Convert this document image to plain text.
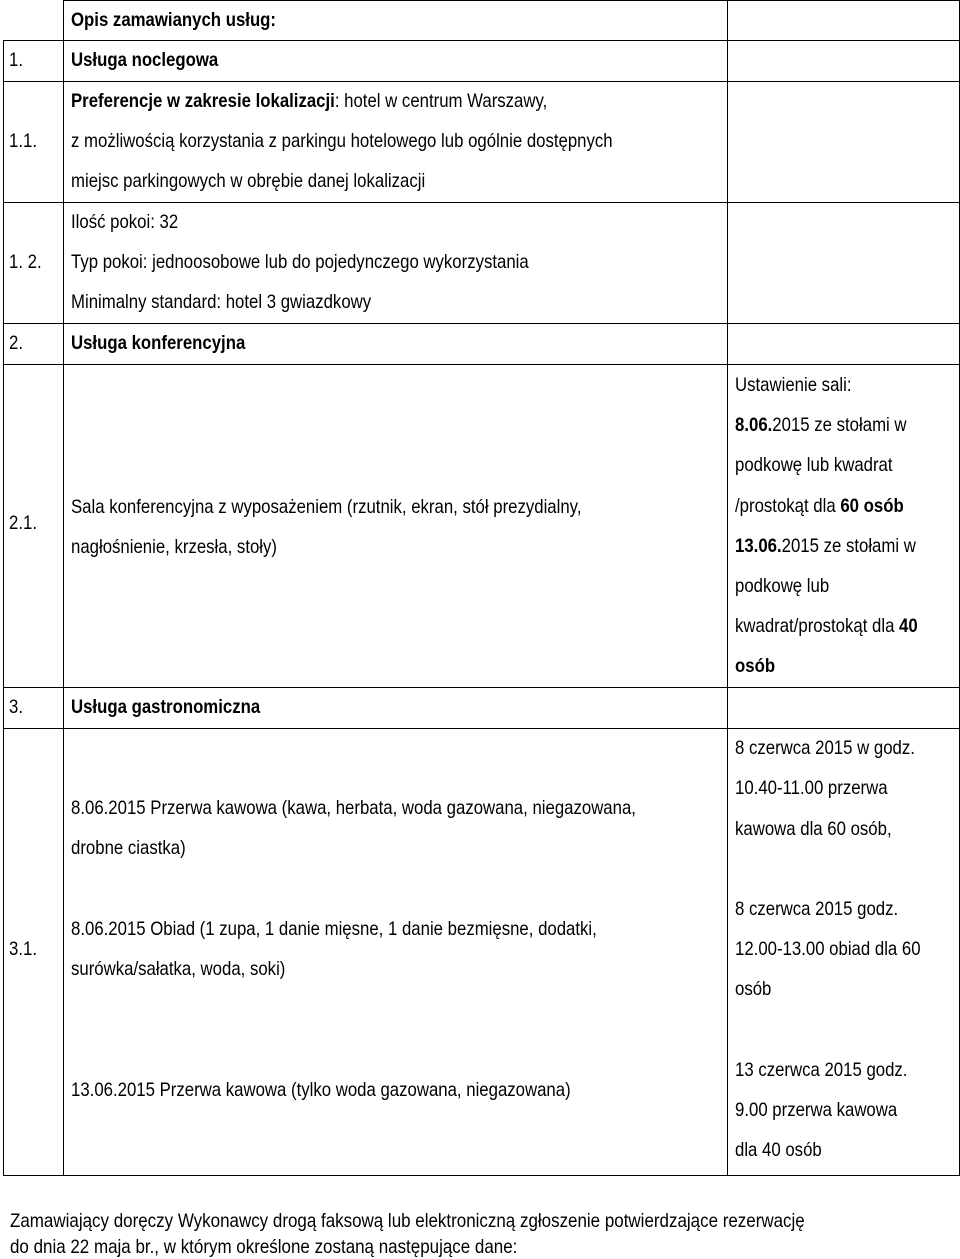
Opis zamawianych usług:
1. Usługa noclegowa
1.1.
Preferencje w zakresie lokalizacji: hotel w centrum Warszawy,
z możliwością korzystania z parkingu hotelowego lub ogólnie dostępnych
miejsc parkingowych w obrębie danej lokalizacji
1. 2.
Ilość pokoi: 32
Typ pokoi: jednoosobowe lub do pojedynczego wykorzystania
Minimalny standard: hotel 3 gwiazdkowy
2. Usługa konferencyjna
2.1.
Sala konferencyjna z wyposażeniem (rzutnik, ekran, stół prezydialny,
nagłośnienie, krzesła, stoły)
Ustawienie sali:
8.06.2015 ze stołami w
podkowę lub kwadrat
/prostokąt dla 60 osób
13.06.2015 ze stołami w
podkowę lub
kwadrat/prostokąt dla 40
osób
3. Usługa gastronomiczna
3.1.
8.06.2015 Przerwa kawowa (kawa, herbata, woda gazowana, niegazowana,
drobne ciastka)
8 czerwca 2015 w godz.
10.40-11.00 przerwa
kawowa dla 60 osób,
8.06.2015 Obiad (1 zupa, 1 danie mięsne, 1 danie bezmięsne, dodatki,
surówka/sałatka, woda, soki)
8 czerwca 2015 godz.
12.00-13.00 obiad dla 60
osób
13.06.2015 Przerwa kawowa (tylko woda gazowana, niegazowana)
13 czerwca 2015 godz.
9.00 przerwa kawowa
dla 40 osób
Zamawiający doręczy Wykonawcy drogą faksową lub elektroniczną zgłoszenie potwierdzające rezerwację
do dnia 22 maja br., w którym określone zostaną następujące dane:
